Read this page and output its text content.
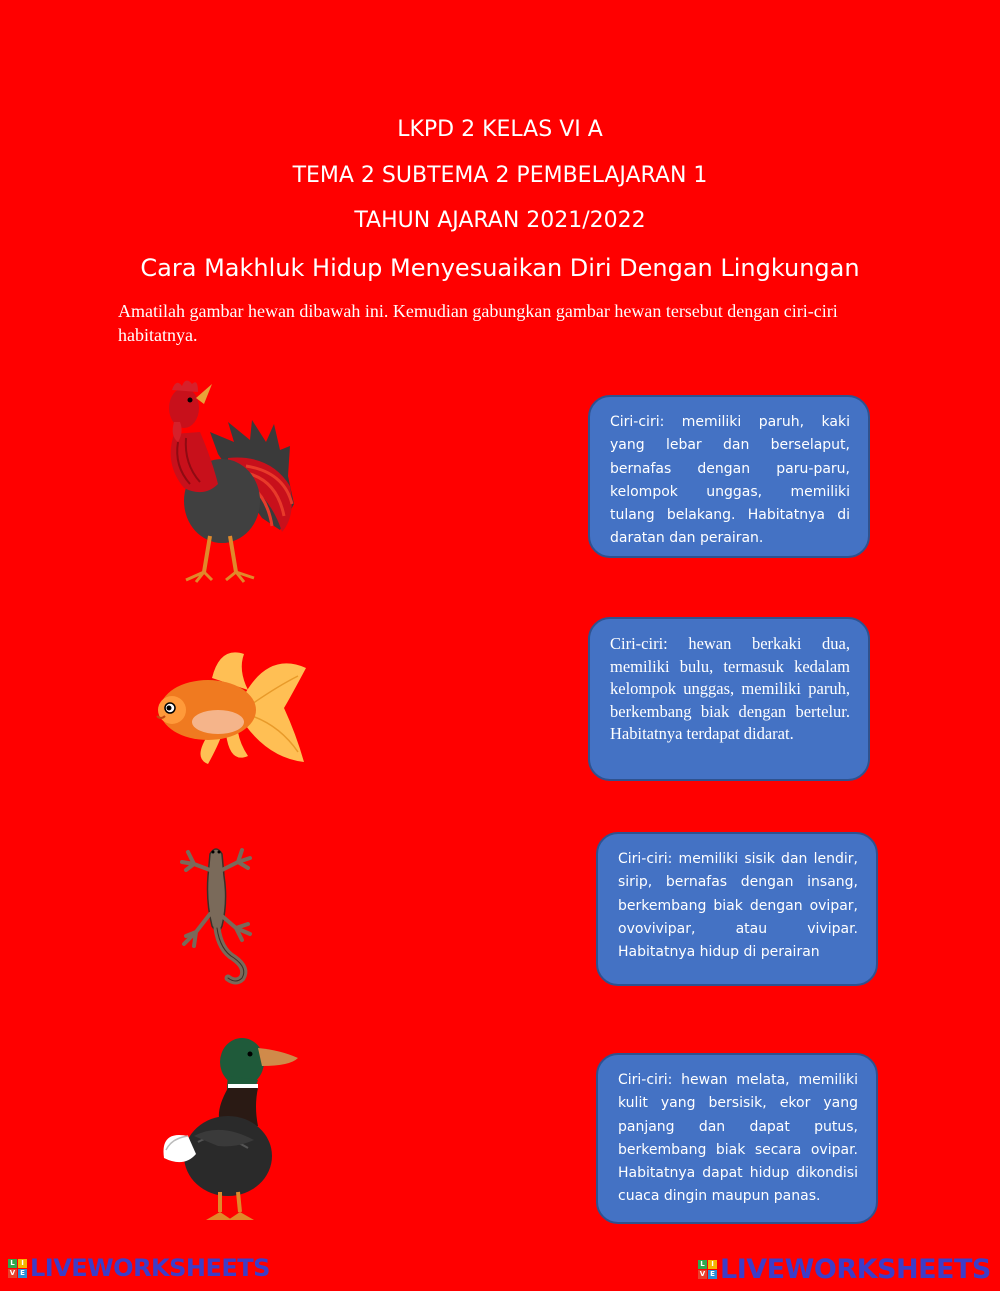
LKPD 2 KELAS VI A
TEMA 2 SUBTEMA 2 PEMBELAJARAN 1
TAHUN AJARAN 2021/2022
Cara Makhluk Hidup Menyesuaikan Diri Dengan Lingkungan
Amatilah gambar hewan dibawah ini. Kemudian gabungkan gambar hewan tersebut dengan ciri-ciri habitatnya.
Ciri-ciri: memiliki paruh, kaki yang lebar dan berselaput, bernafas dengan paru-paru, kelompok unggas, memiliki tulang belakang. Habitatnya di daratan dan perairan.
Ciri-ciri: hewan berkaki dua, memiliki bulu, termasuk kedalam kelompok unggas, memiliki paruh, berkembang biak dengan bertelur. Habitatnya terdapat didarat.
Ciri-ciri: memiliki sisik dan lendir, sirip, bernafas dengan insang, berkembang biak dengan ovipar, ovovivipar, atau vivipar. Habitatnya hidup di perairan
Ciri-ciri: hewan melata, memiliki kulit yang bersisik, ekor yang panjang dan dapat putus, berkembang biak secara ovipar. Habitatnya dapat hidup dikondisi cuaca dingin maupun panas.
L I
V E LIVEWORKSHEETS	L I
V E LIVEWORKSHEETS
